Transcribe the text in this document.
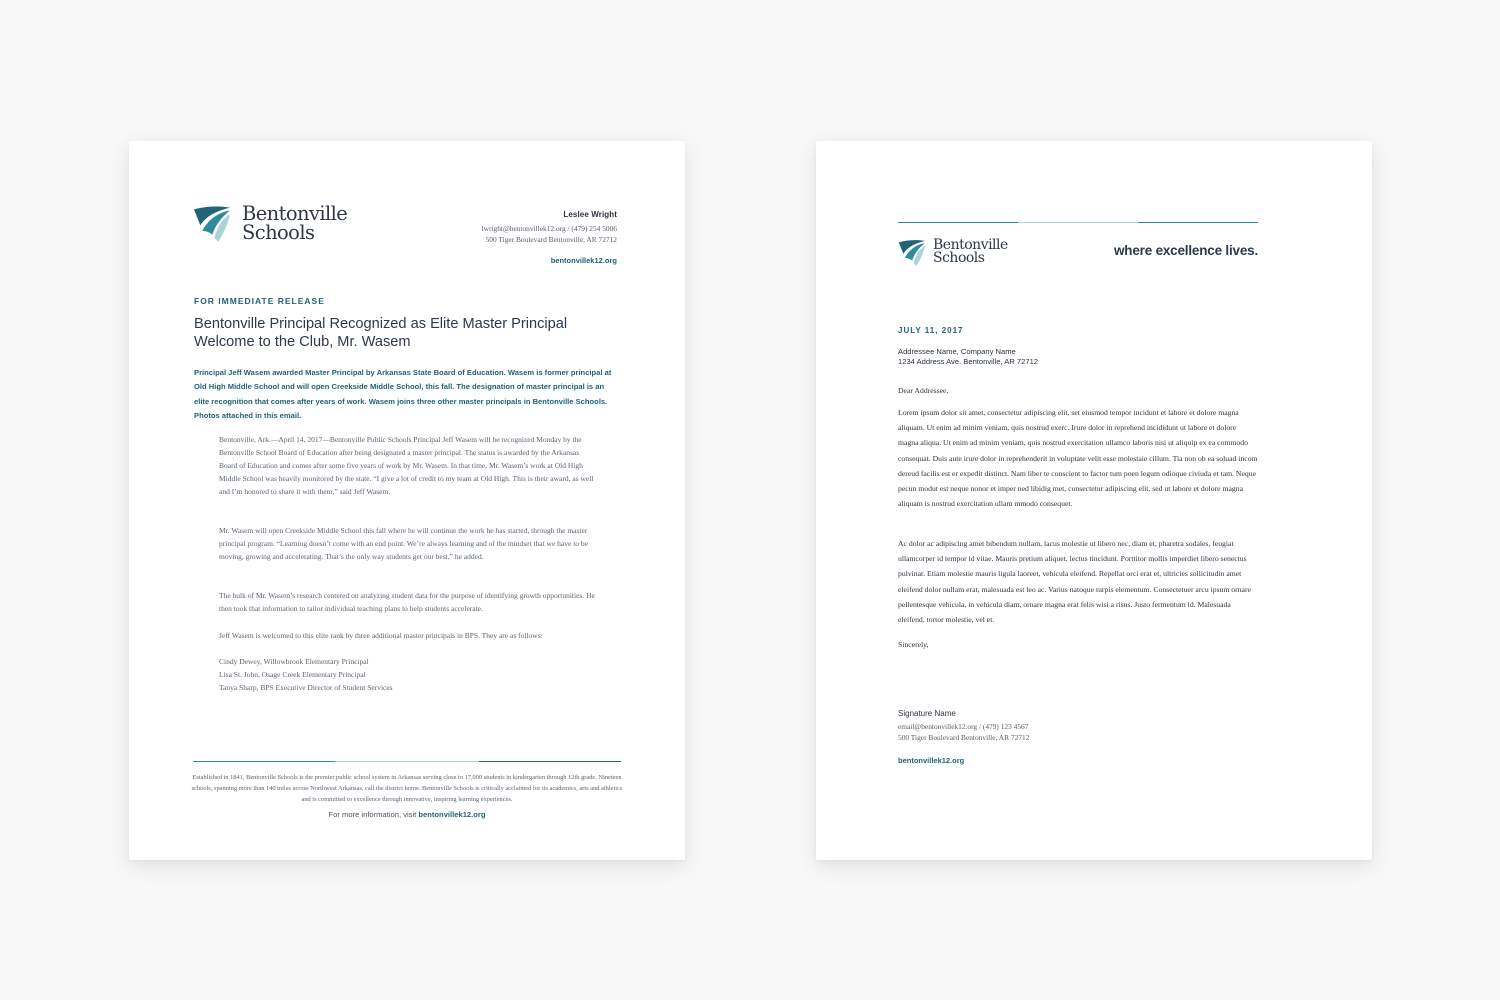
Bentonville
Schools
Leslee Wright
lwright@bentonvillek12.org / (479) 254 5006
500 Tiger Boulevard Bentonville, AR 72712
bentonvillek12.org
FOR IMMEDIATE RELEASE
Bentonville Principal Recognized as Elite Master Principal
Welcome to the Club, Mr. Wasem
Principal Jeff Wasem awarded Master Principal by Arkansas State Board of Education. Wasem is former principal at Old High Middle School and will open Creekside Middle School, this fall. The designation of master principal is an elite recognition that comes after years of work. Wasem joins three other master principals in Bentonville Schools. Photos attached in this email.
Bentonville, Ark.—April 14, 2017—Bentonville Public Schools Principal Jeff Wasem will be recognized Monday by the Bentonville School Board of Education after being designated a master principal. The status is awarded by the Arkansas Board of Education and comes after some five years of work by Mr. Wasem. In that time, Mr. Wasem’s work at Old High Middle School was heavily monitored by the state. “I give a lot of credit to my team at Old High. This is their award, as well and I’m honored to share it with them,” said Jeff Wasem.
Mr. Wasem will open Creekside Middle School this fall where he will continue the work he has started, through the master principal program. “Learning doesn’t come with an end point. We’re always learning and of the mindset that we have to be moving, growing and accelerating. That’s the only way students get our best,” he added.
The bulk of Mr. Wasem’s research centered on analyzing student data for the purpose of identifying growth opportunities. He then took that information to tailor individual teaching plans to help students accelerate.
Jeff Wasem is welcomed to this elite rank by three additional master principals in BPS. They are as follows:
Cindy Dewey, Willowbrook Elementary Principal
Lisa St. John, Osage Creek Elementary Principal
Tanya Sharp, BPS Executive Director of Student Services
Established in 1841, Bentonville Schools is the premier public school system in Arkansas serving close to 17,000 students in kindergarten through 12th grade. Nineteen schools, spanning more than 140 miles across Northwest Arkansas, call the district home. Bentonville Schools is critically acclaimed for its academics, arts and athletics and is committed to excellence through innovative, inspiring learning experiences.
For more information, visit bentonvillek12.org
Bentonville
Schools	where excellence lives.
JULY 11, 2017
Addressee Name, Company Name
1234 Address Ave. Bentonville, AR 72712
Dear Addressee,
Lorem ipsum dolor sit amet, consectetur adipiscing elit, set eiusmod tempor incidunt et labore et dolore magna aliquam. Ut enim ad minim veniam, quis nostrud exerc. Irure dolor in reprehend incididunt ut labore et dolore magna aliqua. Ut enim ad minim veniam, quis nostrud exercitation ullamco laboris nisi ut aliquip ex ea commodo consequat. Duis aute irure dolor in reprehenderit in voluptate velit esse molestaie cillum. Tia non ob ea soluad incom dereud facilis est er expedit distinct. Nam liber te conscient to factor tum poen legum odioque civiuda et tam. Neque pecun modut est neque nonor et imper ned libidig met, consectetur adipiscing elit, sed ut labore et dolore magna aliquam is nostrud exercitation ullam mmodo consequet.
Ac dolor ac adipiscing amet bibendum nullam, lacus molestie ut libero nec, diam et, pharetra sodales, feugiat ullamcorper id tempor id vitae. Mauris pretium aliquet, lectus tincidunt. Porttitor mollis imperdiet libero senectus pulvinar. Etiam molestie mauris ligula laoreet, vehicula eleifend. Repellat orci erat et, ultricies sollicitudin amet eleifend dolor nullam erat, malesuada est leo ac. Varius natoque turpis elementum. Consectetuer arcu ipsum ornare pellentesque vehicula, in vehicula diam, ornare magna erat felis wisi a risus. Justo fermentum id. Malesuada eleifend, tortor molestie, vel et.
Sincerely,
Signature Name
email@bentonvillek12.org / (479) 123 4567
500 Tiger Boulevard Bentonville, AR 72712
bentonvillek12.org
